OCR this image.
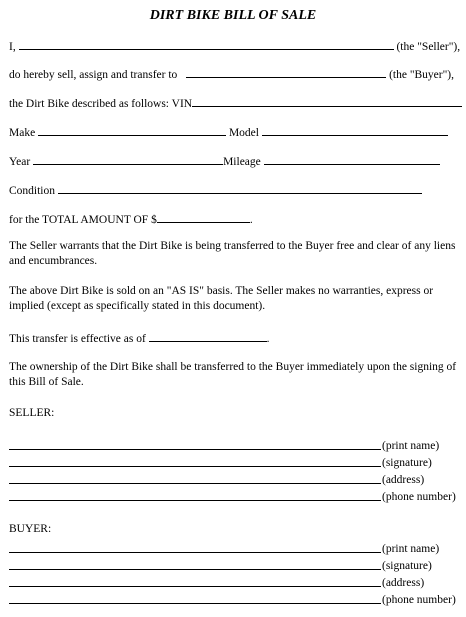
DIRT BIKE BILL OF SALE
I,	(the "Seller"),
do hereby sell, assign and transfer to	(the "Buyer"),
the Dirt Bike described as follows: VIN
Make	Model
Year	Mileage
Condition
for the TOTAL AMOUNT OF $	.
The Seller warrants that the Dirt Bike is being transferred to the Buyer free and clear of any liens
and encumbrances.
The above Dirt Bike is sold on an "AS IS" basis. The Seller makes no warranties, express or
implied (except as specifically stated in this document).
This transfer is effective as of	.
The ownership of the Dirt Bike shall be transferred to the Buyer immediately upon the signing of
this Bill of Sale.
SELLER:
(print name)
(signature)
(address)
(phone number)
BUYER:
(print name)
(signature)
(address)
(phone number)
